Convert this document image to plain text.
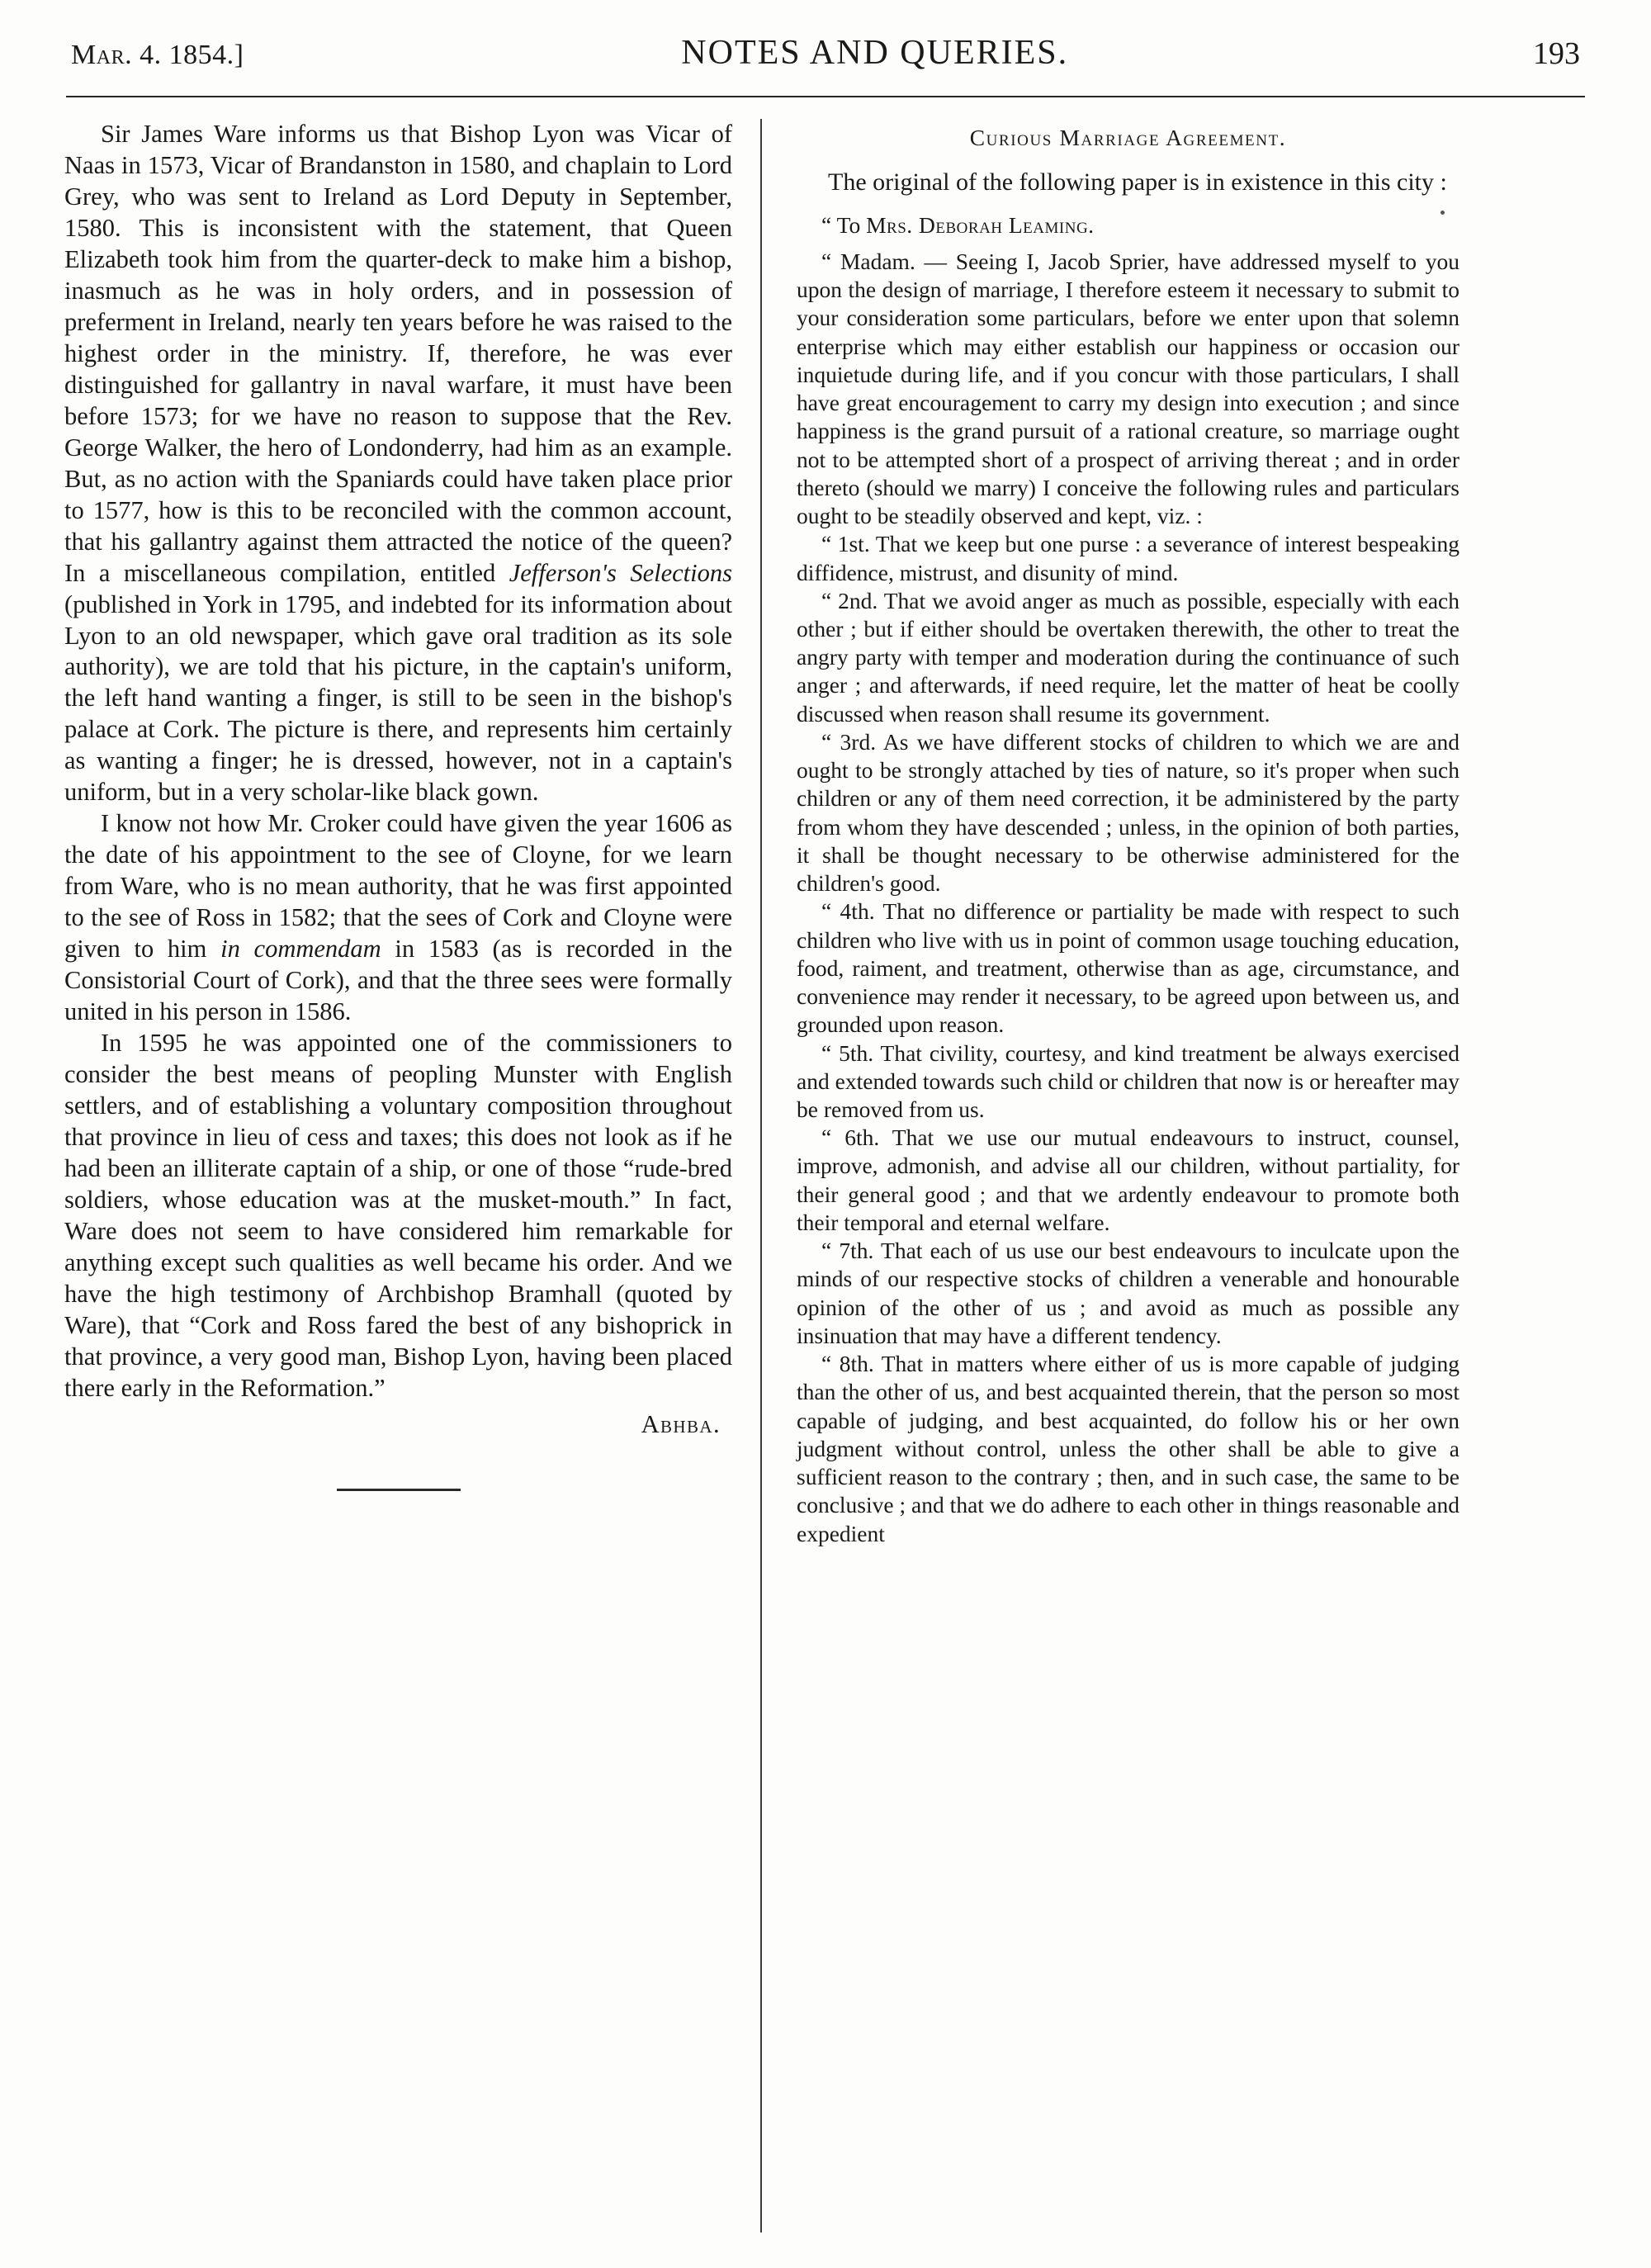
Mar. 4. 1854.]	NOTES AND QUERIES.	193

Sir James Ware informs us that Bishop Lyon was Vicar of Naas in 1573, Vicar of Brandanston in 1580, and chaplain to Lord Grey, who was sent to Ireland as Lord Deputy in September, 1580. This is inconsistent with the statement, that Queen Elizabeth took him from the quarter-deck to make him a bishop, inasmuch as he was in holy orders, and in possession of preferment in Ireland, nearly ten years before he was raised to the highest order in the ministry. If, therefore, he was ever distinguished for gallantry in naval warfare, it must have been before 1573; for we have no reason to suppose that the Rev. George Walker, the hero of Londonderry, had him as an example. But, as no action with the Spaniards could have taken place prior to 1577, how is this to be reconciled with the common account, that his gallantry against them attracted the notice of the queen? In a miscellaneous compilation, entitled Jefferson's Selections (published in York in 1795, and indebted for its information about Lyon to an old newspaper, which gave oral tradition as its sole authority), we are told that his picture, in the captain's uniform, the left hand wanting a finger, is still to be seen in the bishop's palace at Cork. The picture is there, and represents him certainly as wanting a finger; he is dressed, however, not in a captain's uniform, but in a very scholar-like black gown.

I know not how Mr. Croker could have given the year 1606 as the date of his appointment to the see of Cloyne, for we learn from Ware, who is no mean authority, that he was first appointed to the see of Ross in 1582; that the sees of Cork and Cloyne were given to him in commendam in 1583 (as is recorded in the Consistorial Court of Cork), and that the three sees were formally united in his person in 1586.

In 1595 he was appointed one of the commissioners to consider the best means of peopling Munster with English settlers, and of establishing a voluntary composition throughout that province in lieu of cess and taxes; this does not look as if he had been an illiterate captain of a ship, or one of those “rude-bred soldiers, whose education was at the musket-mouth.” In fact, Ware does not seem to have considered him remarkable for anything except such qualities as well became his order. And we have the high testimony of Archbishop Bramhall (quoted by Ware), that “Cork and Ross fared the best of any bishoprick in that province, a very good man, Bishop Lyon, having been placed there early in the Reformation.”

Abhba.

Curious Marriage Agreement.

The original of the following paper is in existence in this city :

“ To Mrs. Deborah Leaming.

“ Madam. — Seeing I, Jacob Sprier, have addressed myself to you upon the design of marriage, I therefore esteem it necessary to submit to your consideration some particulars, before we enter upon that solemn enterprise which may either establish our happiness or occasion our inquietude during life, and if you concur with those particulars, I shall have great encouragement to carry my design into execution ; and since happiness is the grand pursuit of a rational creature, so marriage ought not to be attempted short of a prospect of arriving thereat ; and in order thereto (should we marry) I conceive the following rules and particulars ought to be steadily observed and kept, viz. :

“ 1st. That we keep but one purse : a severance of interest bespeaking diffidence, mistrust, and disunity of mind.

“ 2nd. That we avoid anger as much as possible, especially with each other ; but if either should be overtaken therewith, the other to treat the angry party with temper and moderation during the continuance of such anger ; and afterwards, if need require, let the matter of heat be coolly discussed when reason shall resume its government.

“ 3rd. As we have different stocks of children to which we are and ought to be strongly attached by ties of nature, so it's proper when such children or any of them need correction, it be administered by the party from whom they have descended ; unless, in the opinion of both parties, it shall be thought necessary to be otherwise administered for the children's good.

“ 4th. That no difference or partiality be made with respect to such children who live with us in point of common usage touching education, food, raiment, and treatment, otherwise than as age, circumstance, and convenience may render it necessary, to be agreed upon between us, and grounded upon reason.

“ 5th. That civility, courtesy, and kind treatment be always exercised and extended towards such child or children that now is or hereafter may be removed from us.

“ 6th. That we use our mutual endeavours to instruct, counsel, improve, admonish, and advise all our children, without partiality, for their general good ; and that we ardently endeavour to promote both their temporal and eternal welfare.

“ 7th. That each of us use our best endeavours to inculcate upon the minds of our respective stocks of children a venerable and honourable opinion of the other of us ; and avoid as much as possible any insinuation that may have a different tendency.

“ 8th. That in matters where either of us is more capable of judging than the other of us, and best acquainted therein, that the person so most capable of judging, and best acquainted, do follow his or her own judgment without control, unless the other shall be able to give a sufficient reason to the contrary ; then, and in such case, the same to be conclusive ; and that we do adhere to each other in things reasonable and expedient
